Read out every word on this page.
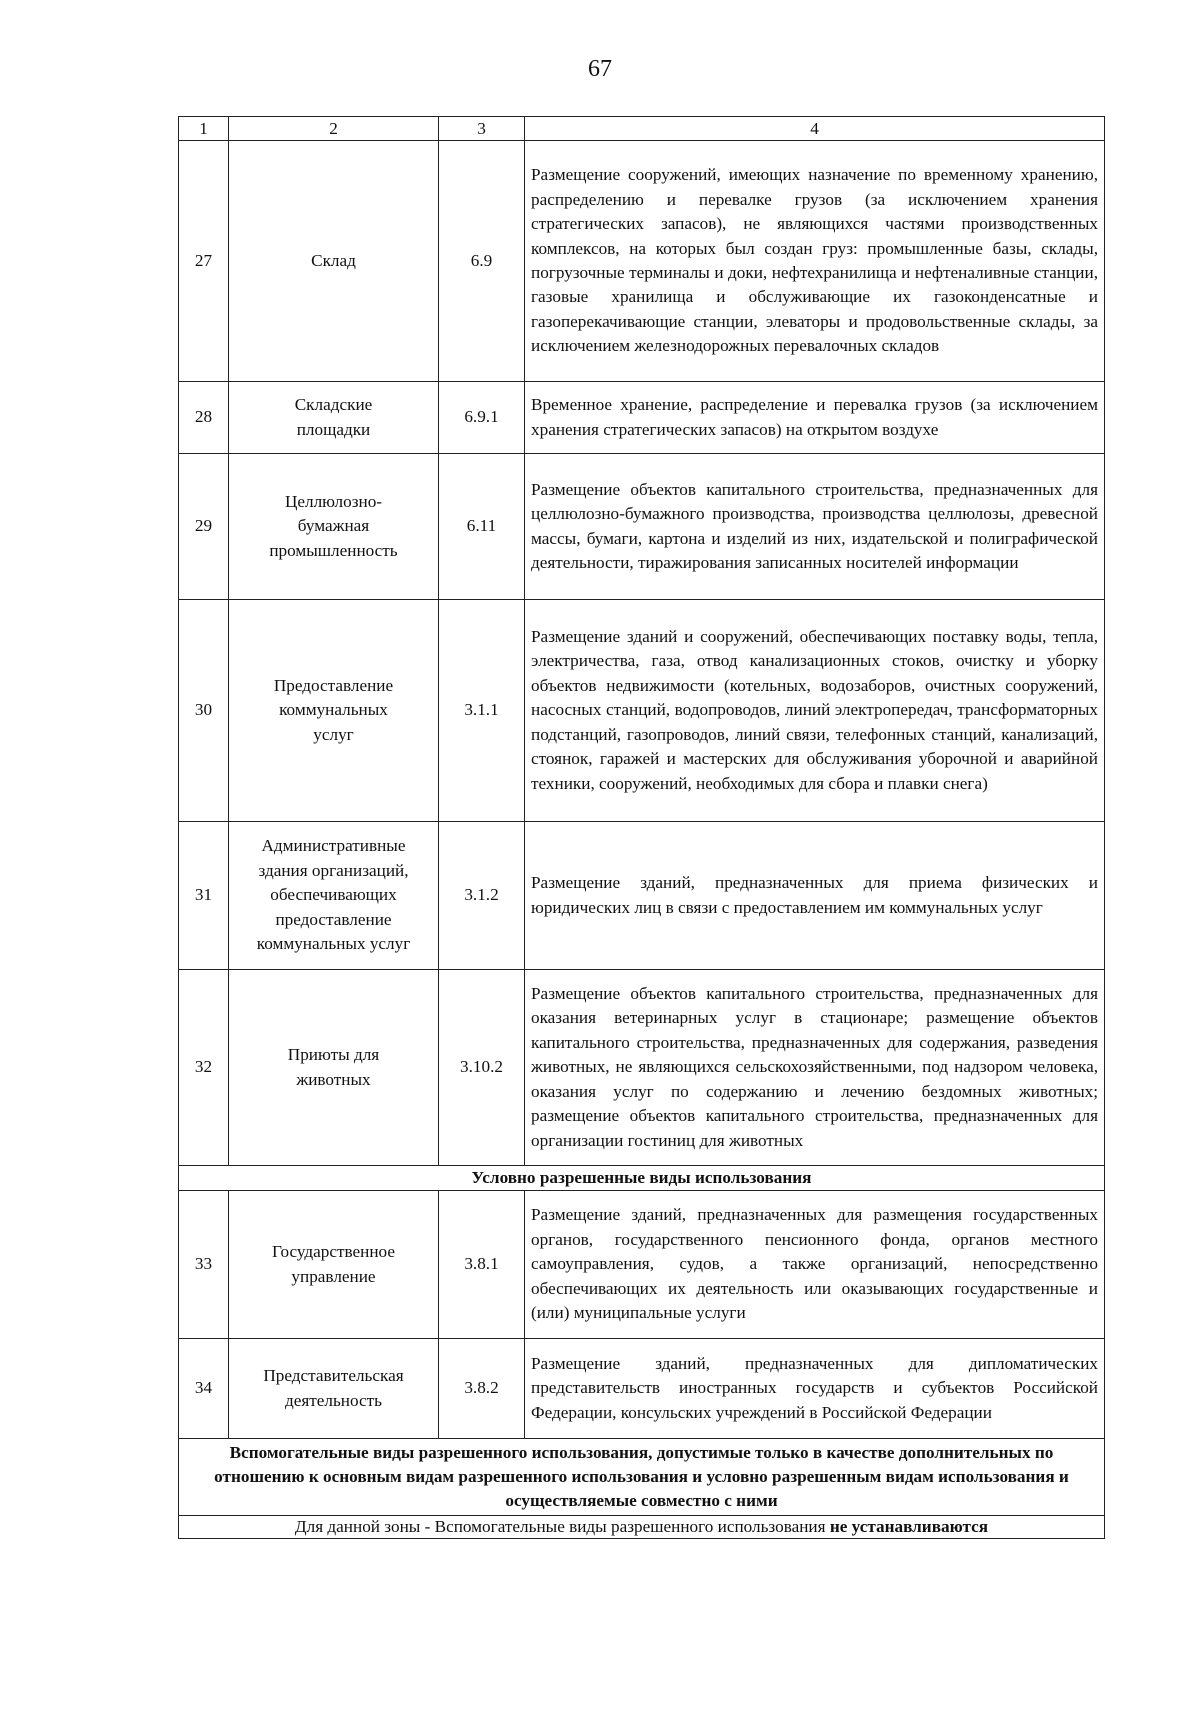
67
1	2	3	4
27	Склад	6.9	Размещение сооружений, имеющих назначение по временному хранению, распределению и перевалке грузов (за исключением хранения стратегических запасов), не являющихся частями производственных комплексов, на которых был создан груз: промышленные базы, склады, погрузочные терминалы и доки, нефтехранилища и нефтеналивные станции, газовые хранилища и обслуживающие их газоконденсатные и газоперекачивающие станции, элеваторы и продовольственные склады, за исключением железнодорожных перевалочных складов
28	Складские площадки	6.9.1	Временное хранение, распределение и перевалка грузов (за исключением хранения стратегических запасов) на открытом воздухе
29	Целлюлозно-бумажная промышленность	6.11	Размещение объектов капитального строительства, предназначенных для целлюлозно-бумажного производства, производства целлюлозы, древесной массы, бумаги, картона и изделий из них, издательской и полиграфической деятельности, тиражирования записанных носителей информации
30	Предоставление коммунальных услуг	3.1.1	Размещение зданий и сооружений, обеспечивающих поставку воды, тепла, электричества, газа, отвод канализационных стоков, очистку и уборку объектов недвижимости (котельных, водозаборов, очистных сооружений, насосных станций, водопроводов, линий электропередач, трансформаторных подстанций, газопроводов, линий связи, телефонных станций, канализаций, стоянок, гаражей и мастерских для обслуживания уборочной и аварийной техники, сооружений, необходимых для сбора и плавки снега)
31	Административные здания организаций, обеспечивающих предоставление коммунальных услуг	3.1.2	Размещение зданий, предназначенных для приема физических и юридических лиц в связи с предоставлением им коммунальных услуг
32	Приюты для животных	3.10.2	Размещение объектов капитального строительства, предназначенных для оказания ветеринарных услуг в стационаре; размещение объектов капитального строительства, предназначенных для содержания, разведения животных, не являющихся сельскохозяйственными, под надзором человека, оказания услуг по содержанию и лечению бездомных животных; размещение объектов капитального строительства, предназначенных для организации гостиниц для животных
Условно разрешенные виды использования			
33	Государственное управление	3.8.1	Размещение зданий, предназначенных для размещения государственных органов, государственного пенсионного фонда, органов местного самоуправления, судов, а также организаций, непосредственно обеспечивающих их деятельность или оказывающих государственные и (или) муниципальные услуги
34	Представительская деятельность	3.8.2	Размещение зданий, предназначенных для дипломатических представительств иностранных государств и субъектов Российской Федерации, консульских учреждений в Российской Федерации
Вспомогательные виды разрешенного использования, допустимые только в качестве дополнительных по отношению к основным видам разрешенного использования и условно разрешенным видам использования и осуществляемые совместно с ними			
Для данной зоны - Вспомогательные виды разрешенного использования не устанавливаются			
